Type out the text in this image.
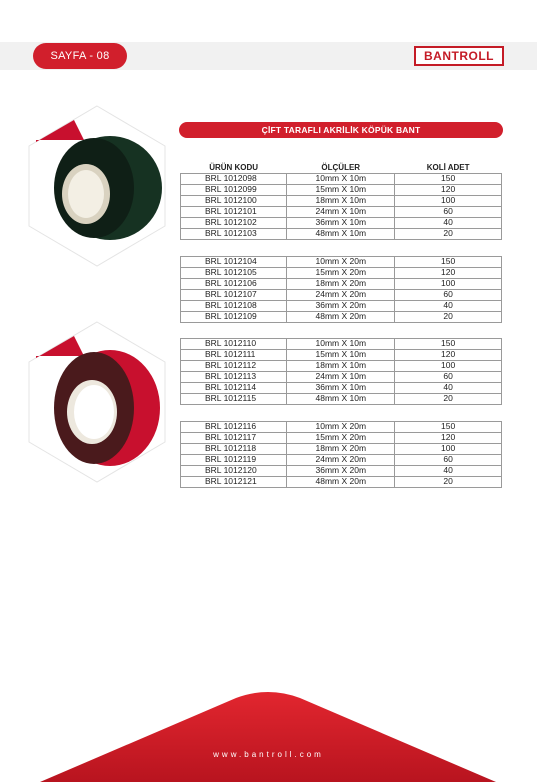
SAYFA - 08	BANTROLL
ÇİFT TARAFLI AKRİLİK KÖPÜK BANT
ÜRÜN KODU	ÖLÇÜLER	KOLİ ADET
BRL 1012098	10mm X 10m	150
BRL 1012099	15mm X 10m	120
BRL 1012100	18mm X 10m	100
BRL 1012101	24mm X 10m	60
BRL 1012102	36mm X 10m	40
BRL 1012103	48mm X 10m	20
BRL 1012104	10mm X 20m	150
BRL 1012105	15mm X 20m	120
BRL 1012106	18mm X 20m	100
BRL 1012107	24mm X 20m	60
BRL 1012108	36mm X 20m	40
BRL 1012109	48mm X 20m	20
BRL 1012110	10mm X 10m	150
BRL 1012111	15mm X 10m	120
BRL 1012112	18mm X 10m	100
BRL 1012113	24mm X 10m	60
BRL 1012114	36mm X 10m	40
BRL 1012115	48mm X 10m	20
BRL 1012116	10mm X 20m	150
BRL 1012117	15mm X 20m	120
BRL 1012118	18mm X 20m	100
BRL 1012119	24mm X 20m	60
BRL 1012120	36mm X 20m	40
BRL 1012121	48mm X 20m	20
www.bantroll.com
